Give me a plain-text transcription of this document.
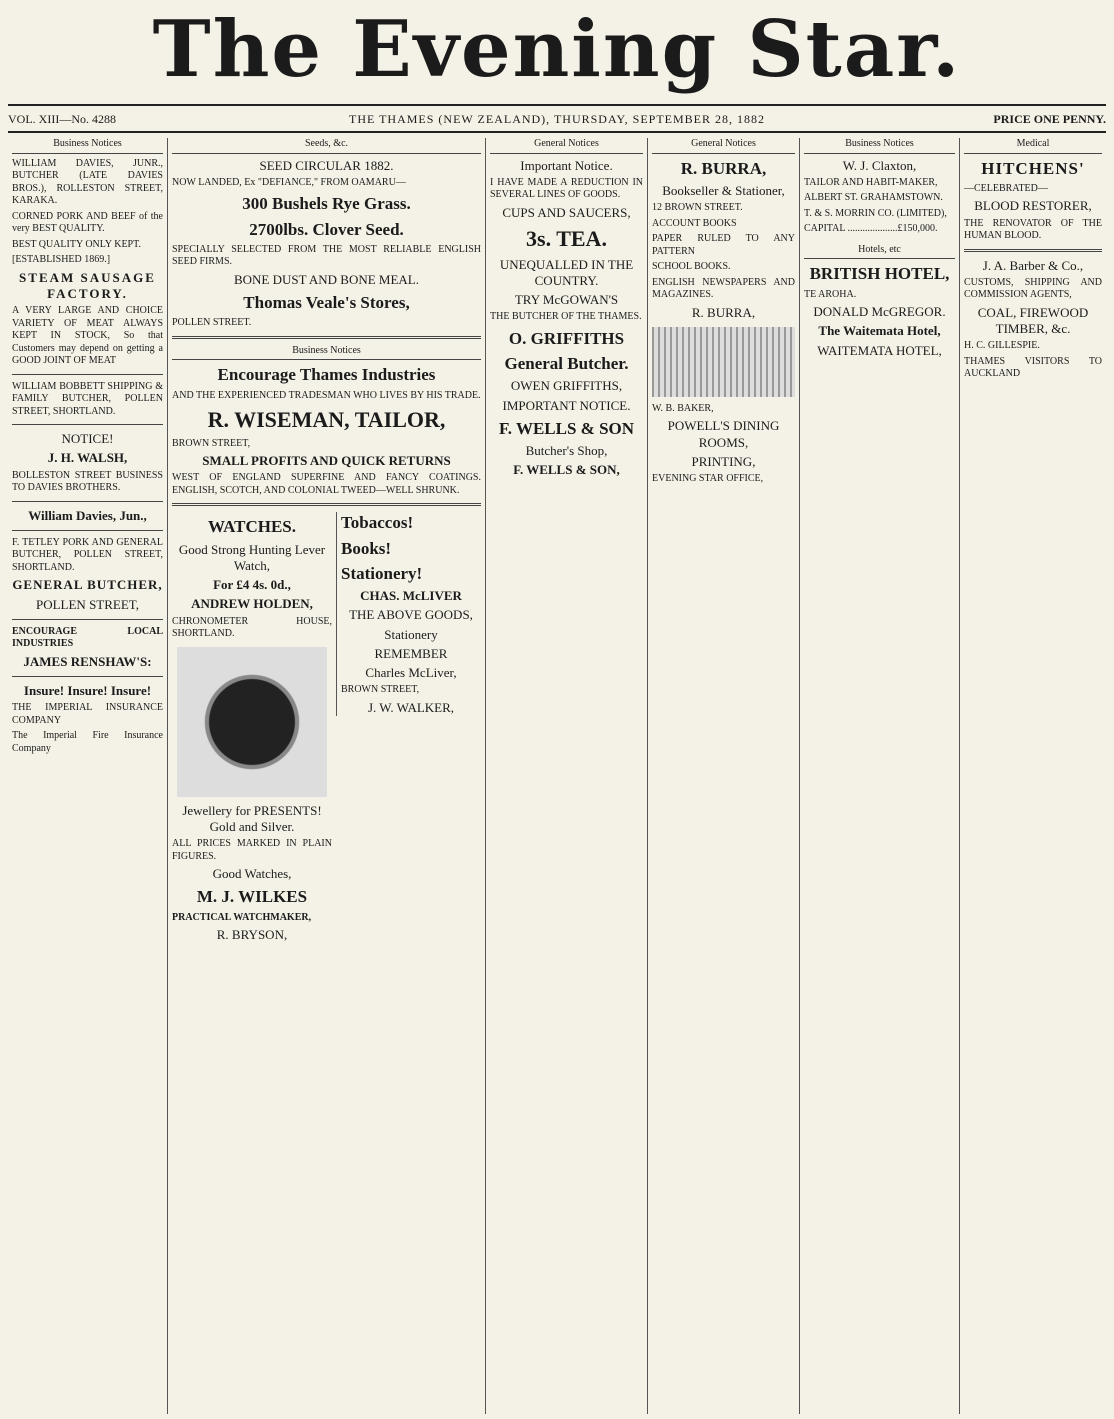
The Evening Star.
VOL. XIII—No. 4288	THE THAMES (NEW ZEALAND), THURSDAY, SEPTEMBER 28, 1882	PRICE ONE PENNY.
Business Notices
WILLIAM DAVIES, JUNR., BUTCHER (LATE DAVIES BROS.), ROLLESTON STREET, KARAKA.
CORNED PORK AND BEEF of the very BEST QUALITY.
BEST QUALITY ONLY KEPT.
[ESTABLISHED 1869.]
STEAM SAUSAGE FACTORY.
A VERY LARGE AND CHOICE VARIETY OF MEAT ALWAYS KEPT IN STOCK, So that Customers may depend on getting a GOOD JOINT OF MEAT
WILLIAM BOBBETT SHIPPING & FAMILY BUTCHER, POLLEN STREET, SHORTLAND.
NOTICE!
J. H. WALSH,
BOLLESTON STREET BUSINESS TO DAVIES BROTHERS.
William Davies, Jun.,
F. TETLEY PORK AND GENERAL BUTCHER, POLLEN STREET, SHORTLAND.
GENERAL BUTCHER,
POLLEN STREET,
ENCOURAGE LOCAL INDUSTRIES
JAMES RENSHAW'S:
Insure! Insure! Insure!
THE IMPERIAL INSURANCE COMPANY
The Imperial Fire Insurance Company
Seeds, &c.
SEED CIRCULAR 1882.
NOW LANDED, Ex "DEFIANCE," FROM OAMARU—
300 Bushels Rye Grass.
2700lbs. Clover Seed.
SPECIALLY SELECTED FROM THE MOST RELIABLE ENGLISH SEED FIRMS.
BONE DUST AND BONE MEAL.
Thomas Veale's Stores,
POLLEN STREET.
Business Notices
Encourage Thames Industries
AND THE EXPERIENCED TRADESMAN WHO LIVES BY HIS TRADE.
R. WISEMAN, TAILOR,
BROWN STREET,
SMALL PROFITS AND QUICK RETURNS
WEST OF ENGLAND SUPERFINE AND FANCY COATINGS. ENGLISH, SCOTCH, AND COLONIAL TWEED—WELL SHRUNK.
WATCHES.
Good Strong Hunting Lever Watch,
For £4 4s. 0d.,
ANDREW HOLDEN,
CHRONOMETER HOUSE, SHORTLAND.
Jewellery for PRESENTS! Gold and Silver.
ALL PRICES MARKED IN PLAIN FIGURES.
Good Watches,
M. J. WILKES
PRACTICAL WATCHMAKER,
R. BRYSON,
Tobaccos!
Books!
Stationery!
CHAS. McLIVER
THE ABOVE GOODS,
Stationery
REMEMBER
Charles McLiver,
BROWN STREET,
J. W. WALKER,
General Notices
Important Notice.
I HAVE MADE A REDUCTION IN SEVERAL LINES OF GOODS.
CUPS AND SAUCERS,
3s. TEA.
UNEQUALLED IN THE COUNTRY.
TRY McGOWAN'S
THE BUTCHER OF THE THAMES.
O. GRIFFITHS
General Butcher.
OWEN GRIFFITHS,
IMPORTANT NOTICE.
F. WELLS & SON
Butcher's Shop,
F. WELLS & SON,
General Notices
R. BURRA,
Bookseller & Stationer,
12 BROWN STREET.
ACCOUNT BOOKS
PAPER RULED TO ANY PATTERN
SCHOOL BOOKS.
ENGLISH NEWSPAPERS AND MAGAZINES.
R. BURRA,
W. B. BAKER,
POWELL'S DINING ROOMS,
PRINTING,
EVENING STAR OFFICE,
Business Notices
W. J. Claxton,
TAILOR AND HABIT-MAKER,
ALBERT ST. GRAHAMSTOWN.
T. & S. MORRIN CO. (LIMITED),
CAPITAL ....................£150,000.
Hotels, etc
BRITISH HOTEL,
TE AROHA.
DONALD McGREGOR.
The Waitemata Hotel,
WAITEMATA HOTEL,
Medical
HITCHENS'
—CELEBRATED—
BLOOD RESTORER,
THE RENOVATOR OF THE HUMAN BLOOD.
J. A. Barber & Co.,
CUSTOMS, SHIPPING AND COMMISSION AGENTS,
COAL, FIREWOOD TIMBER, &c.
H. C. GILLESPIE.
THAMES VISITORS TO AUCKLAND
